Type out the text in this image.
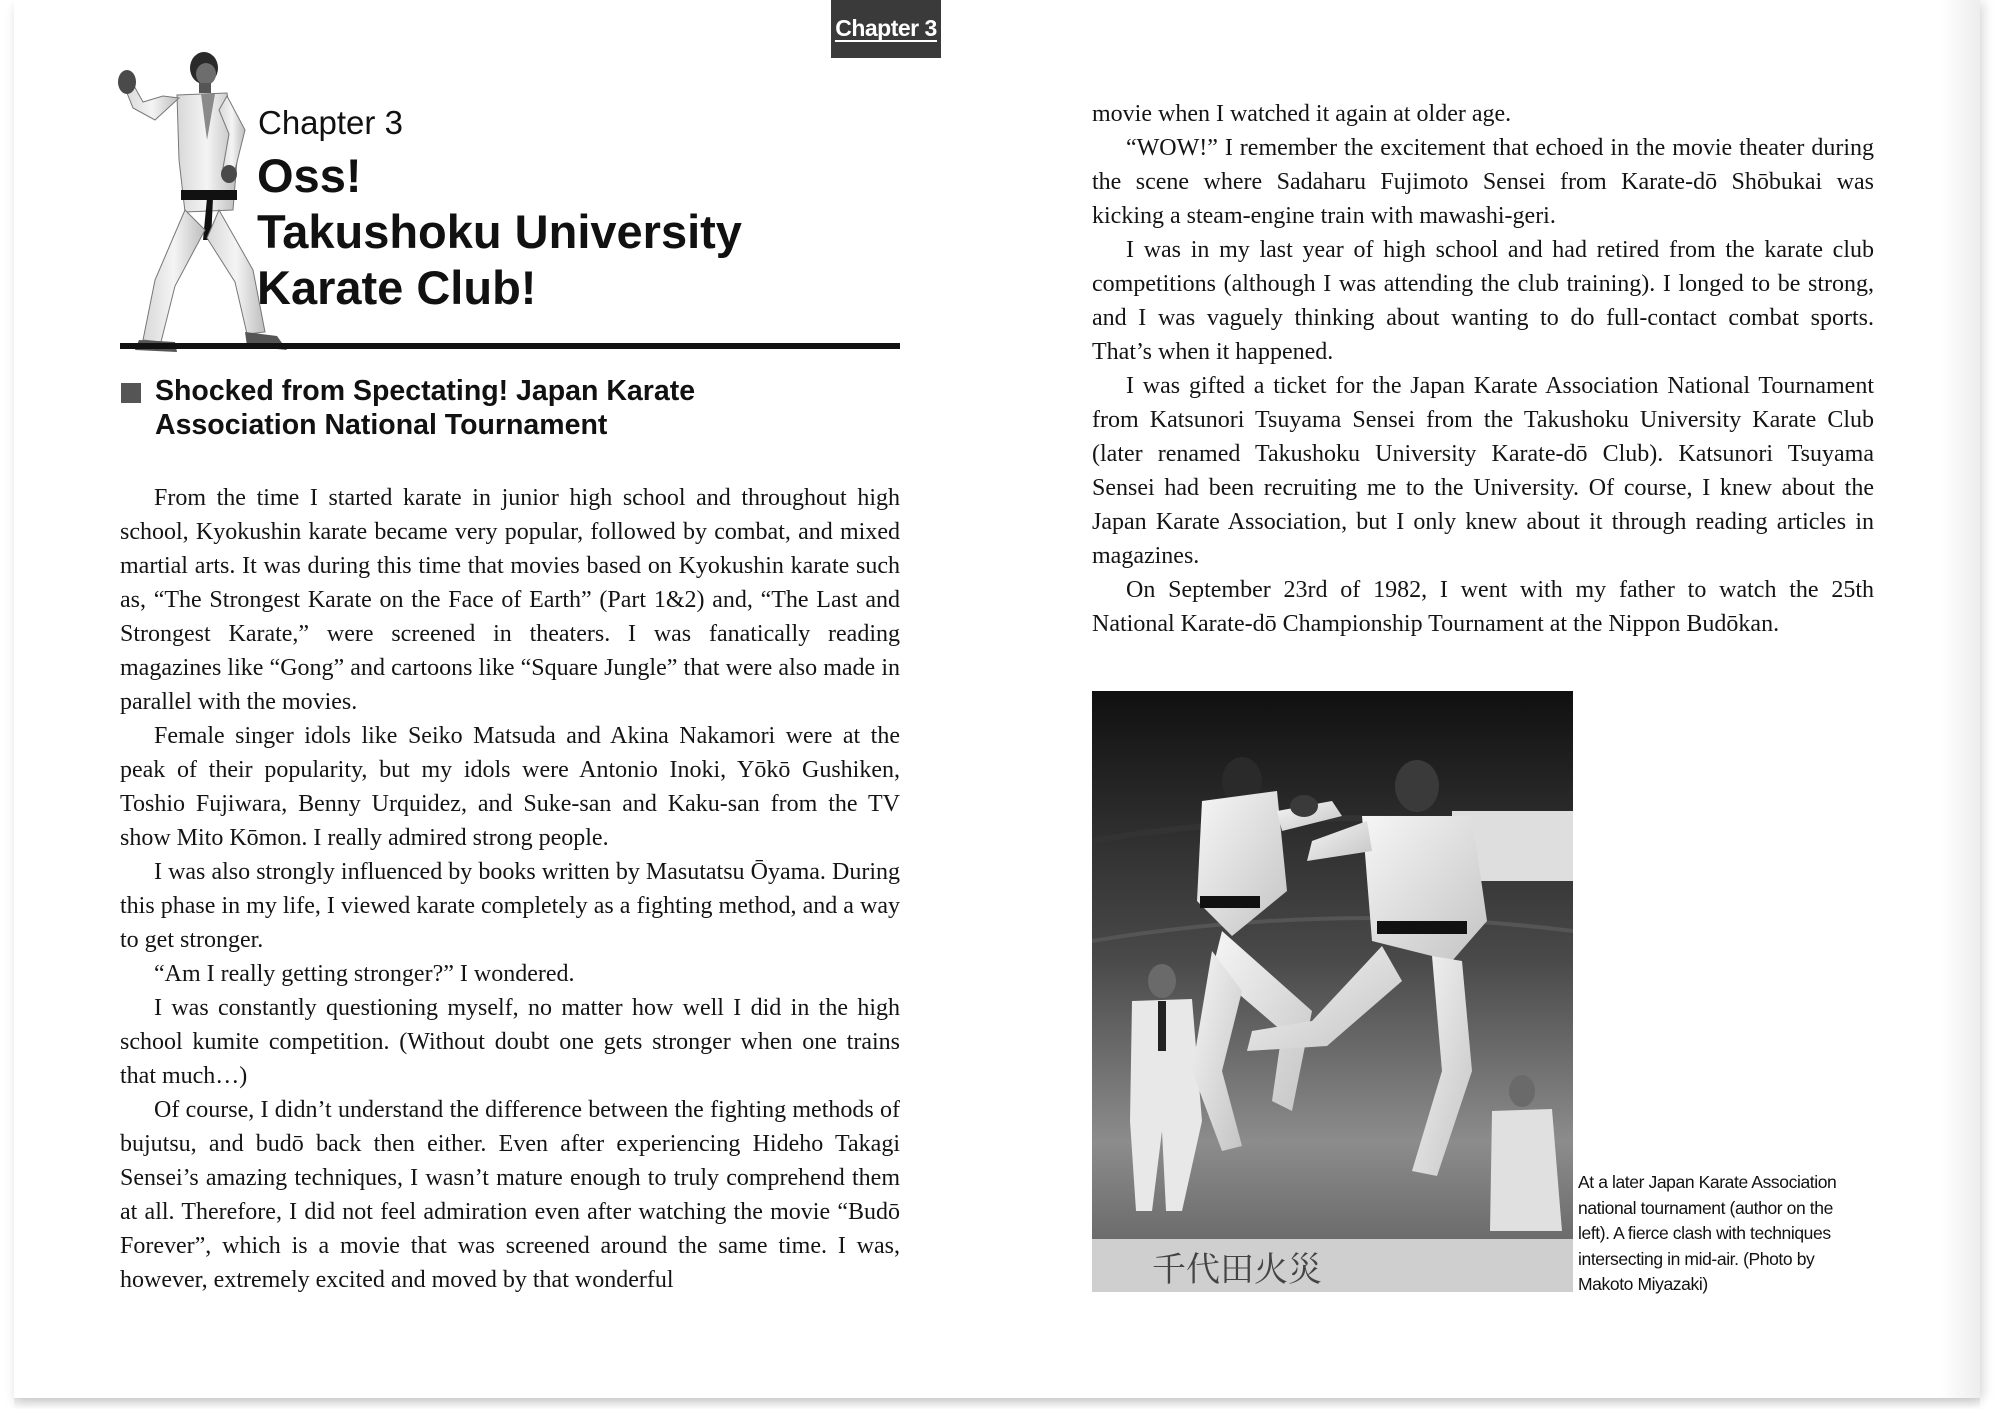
Chapter 3
Chapter 3
Oss!
Takushoku University
Karate Club!
Shocked from Spectating! Japan Karate
Association National Tournament

From the time I started karate in junior high school and throughout high school, Kyokushin karate became very popular, followed by combat, and mixed martial arts. It was during this time that movies based on Kyokushin karate such as, “The Strongest Karate on the Face of Earth” (Part 1&2) and, “The Last and Strongest Karate,” were screened in theaters. I was fanatically reading magazines like “Gong” and cartoons like “Square Jungle” that were also made in parallel with the movies.

Female singer idols like Seiko Matsuda and Akina Nakamori were at the peak of their popularity, but my idols were Antonio Inoki, Yōkō Gushiken, Toshio Fujiwara, Benny Urquidez, and Suke-san and Kaku-san from the TV show Mito Kōmon. I really admired strong people.

I was also strongly influenced by books written by Masutatsu Ōyama. During this phase in my life, I viewed karate completely as a fighting method, and a way to get stronger.

“Am I really getting stronger?” I wondered.

I was constantly questioning myself, no matter how well I did in the high school kumite competition. (Without doubt one gets stronger when one trains that much…)

Of course, I didn’t understand the difference between the fighting methods of bujutsu, and budō back then either. Even after experiencing Hideho Takagi Sensei’s amazing techniques, I wasn’t mature enough to truly comprehend them at all. Therefore, I did not feel admiration even after watching the movie “Budō Forever”, which is a movie that was screened around the same time. I was, however, extremely excited and moved by that wonderful

movie when I watched it again at older age.

“WOW!” I remember the excitement that echoed in the movie theater during the scene where Sadaharu Fujimoto Sensei from Karate-dō Shōbukai was kicking a steam-engine train with mawashi-geri.

I was in my last year of high school and had retired from the karate club competitions (although I was attending the club training). I longed to be strong, and I was vaguely thinking about wanting to do full-contact combat sports. That’s when it happened.

I was gifted a ticket for the Japan Karate Association National Tournament from Katsunori Tsuyama Sensei from the Takushoku University Karate Club (later renamed Takushoku University Karate-dō Club). Katsunori Tsuyama Sensei had been recruiting me to the University. Of course, I knew about the Japan Karate Association, but I only knew about it through reading articles in magazines.

On September 23rd of 1982, I went with my father to watch the 25th National Karate-dō Championship Tournament at the Nippon Budōkan.

千代田火災
At a later Japan Karate Association
national tournament (author on the
left). A fierce clash with techniques
intersecting in mid-air. (Photo by
Makoto Miyazaki)
